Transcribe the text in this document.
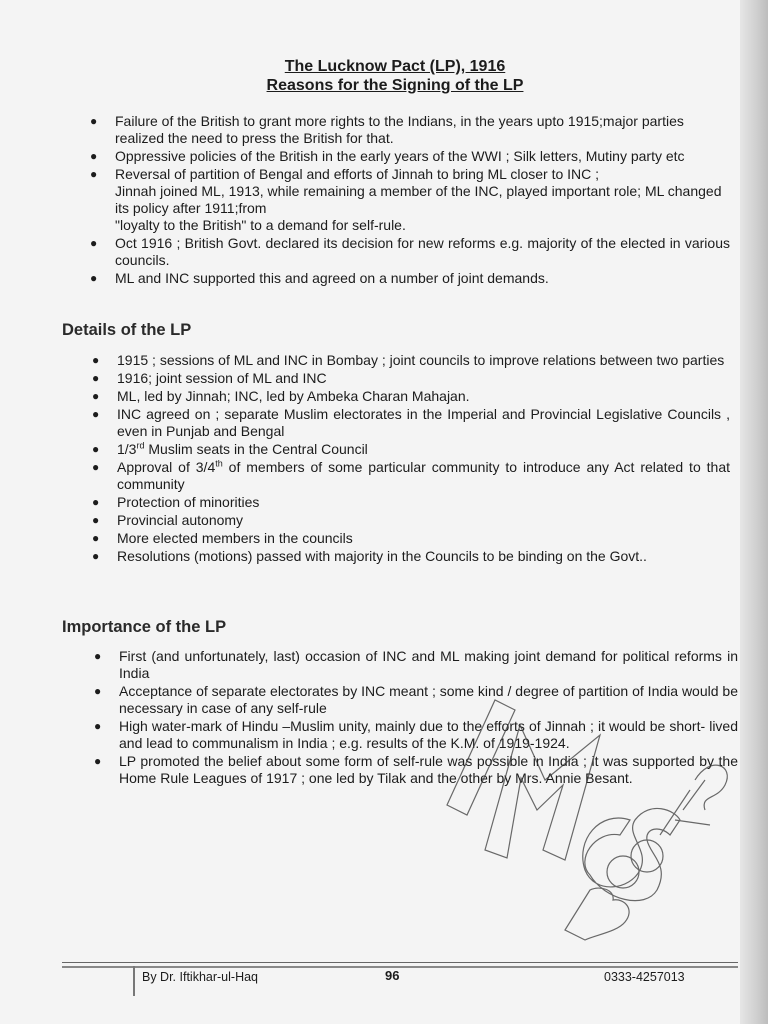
The Lucknow Pact (LP), 1916
Reasons for the Signing of the LP
● Failure of the British to grant more rights to the Indians, in the years upto 1915;major parties realized the need to press the British for that.
● Oppressive policies of the British in the early years of the WWI ; Silk letters, Mutiny party etc
● Reversal of partition of Bengal and efforts of Jinnah to bring ML closer to INC ;
Jinnah joined ML, 1913, while remaining a member of the INC, played important role; ML changed its policy after 1911;from
"loyalty to the British" to a demand for self-rule.
● Oct 1916 ; British Govt. declared its decision for new reforms e.g. majority of the elected in various councils.
● ML and INC supported this and agreed on a number of joint demands.
Details of the LP
● 1915 ; sessions of ML and INC in Bombay ; joint councils to improve relations between two parties
● 1916; joint session of ML and INC
● ML, led by Jinnah; INC, led by Ambeka Charan Mahajan.
● INC agreed on ; separate Muslim electorates in the Imperial and Provincial Legislative Councils , even in Punjab and Bengal
● 1/3rd Muslim seats in the Central Council
● Approval of 3/4th of members of some particular community to introduce any Act related to that community
● Protection of minorities
● Provincial autonomy
● More elected members in the councils
● Resolutions (motions) passed with majority in the Councils to be binding on the Govt..
Importance of the LP
● First (and unfortunately, last) occasion of INC and ML making joint demand for political reforms in India
● Acceptance of separate electorates by INC meant ; some kind / degree of partition of India would be necessary in case of any self-rule
● High water-mark of Hindu –Muslim unity, mainly due to the efforts of Jinnah ; it would be short- lived and lead to communalism in India ; e.g. results of the K.M. of 1919-1924.
● LP promoted the belief about some form of self-rule was possible in India ; it was supported by the Home Rule Leagues of 1917 ; one led by Tilak and the other by Mrs. Annie Besant.
By Dr. Iftikhar-ul-Haq	96	0333-4257013
